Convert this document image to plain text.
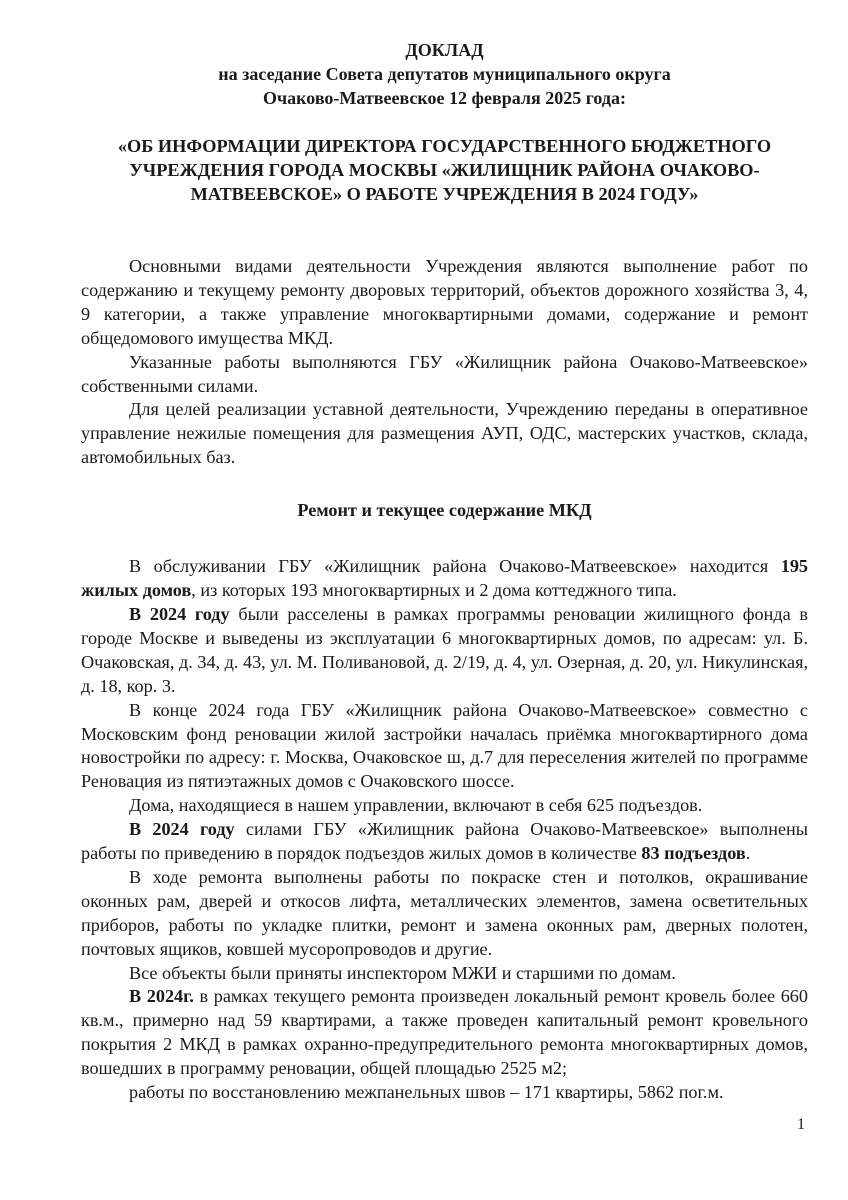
ДОКЛАД
на заседание Совета депутатов муниципального округа
Очаково-Матвеевское 12 февраля 2025 года:
«ОБ ИНФОРМАЦИИ ДИРЕКТОРА ГОСУДАРСТВЕННОГО БЮДЖЕТНОГО
УЧРЕЖДЕНИЯ ГОРОДА МОСКВЫ «ЖИЛИЩНИК РАЙОНА ОЧАКОВО-
МАТВЕЕВСКОЕ» О РАБОТЕ УЧРЕЖДЕНИЯ В 2024 ГОДУ»

Основными видами деятельности Учреждения являются выполнение работ по содержанию и текущему ремонту дворовых территорий, объектов дорожного хозяйства 3, 4, 9 категории, а также управление многоквартирными домами, содержание и ремонт общедомового имущества МКД.

Указанные работы выполняются ГБУ «Жилищник района Очаково-Матвеевское» собственными силами.

Для целей реализации уставной деятельности, Учреждению переданы в оперативное управление нежилые помещения для размещения АУП, ОДС, мастерских участков, склада, автомобильных баз.

Ремонт и текущее содержание МКД

В обслуживании ГБУ «Жилищник района Очаково-Матвеевское» находится 195 жилых домов, из которых 193 многоквартирных и 2 дома коттеджного типа.

В 2024 году были расселены в рамках программы реновации жилищного фонда в городе Москве и выведены из эксплуатации 6 многоквартирных домов, по адресам: ул. Б. Очаковская, д. 34, д. 43, ул. М. Поливановой, д. 2/19, д. 4, ул. Озерная, д. 20, ул. Никулинская, д. 18, кор. 3.

В конце 2024 года ГБУ «Жилищник района Очаково-Матвеевское» совместно с Московским фонд реновации жилой застройки началась приёмка многоквартирного дома новостройки по адресу: г. Москва, Очаковское ш, д.7 для переселения жителей по программе Реновация из пятиэтажных домов с Очаковского шоссе.

Дома, находящиеся в нашем управлении, включают в себя 625 подъездов.

В 2024 году силами ГБУ «Жилищник района Очаково-Матвеевское» выполнены работы по приведению в порядок подъездов жилых домов в количестве 83 подъездов.

В ходе ремонта выполнены работы по покраске стен и потолков, окрашивание оконных рам, дверей и откосов лифта, металлических элементов, замена осветительных приборов, работы по укладке плитки, ремонт и замена оконных рам, дверных полотен, почтовых ящиков, ковшей мусоропроводов и другие.

Все объекты были приняты инспектором МЖИ и старшими по домам.

В 2024г. в рамках текущего ремонта произведен локальный ремонт кровель более 660 кв.м., примерно над 59 квартирами, а также проведен капитальный ремонт кровельного покрытия 2 МКД в рамках охранно-предупредительного ремонта многоквартирных домов, вошедших в программу реновации, общей площадью 2525 м2;

работы по восстановлению межпанельных швов – 171 квартиры, 5862 пог.м.

1
